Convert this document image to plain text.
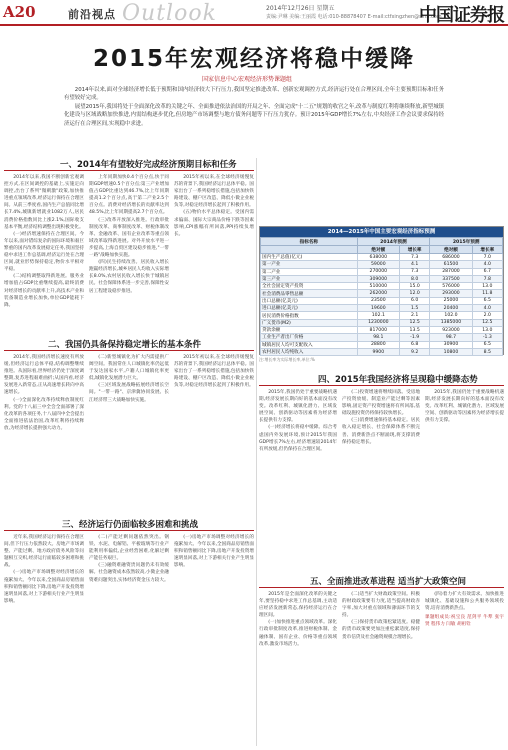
A20	前沿视点 Outlook	2014年12月26日 星期五
责编:尹琳 美编:王丽霞 电话:010-88878407 E-mail:ctfxingzhen@sina.com
中国证券报
2015年宏观经济将稳中缓降
国家信息中心宏观经济形势课题组

2014年以来,面对全球经济增长低于预期和国内经济较大下行压力,我国坚定推进改革、创新宏观调控方式,经济运行处在合理区间,全年主要预期目标和任务有望较好完成。

展望2015年,我国将处于全面深化改革的关键之年、全面推进依法治国的开局之年、全面完成"十二五"规划的收官之年,改革与制度红利将继续释放,新型城镇化建设与区域战略加快推进,内需结构逐步优化,但房地产市场调整与地方债务问题等下行压力犹存。预计2015年GDP增长7%左右,中央经济工作会议要求保持经济运行在合理区间,实现稳中求进。

一、2014年有望较好完成经济预期目标和任务

2014年以来,我国不断创新宏观调控方式,在区间调控的基础上,实施定向调控,出台了系列"微刺激"政策,加快推进重点领域改革,经济运行保持在合理区间。从前三季度看,国内生产总值同比增长7.4%,城镇新增就业1082万人,居民消费价格指数同比上涨2.1%,国际收支基本平衡,经济结构调整出现积极变化。

(一)经济增速保持在合理区间。今年以来,面对错综复杂的国际环境和艰巨繁重的国内改革发展稳定任务,我国坚持稳中求进工作总基调,经济运行处在合理区间,就业形势保持稳定,物价水平相对平稳。

(二)结构调整取得新进展。服务业增加值占GDP比重继续提高,最终消费对经济增长的贡献率上升,高技术产业和装备制造业增长加快,单位GDP能耗下降。

上年同期加快0.4个百分点,快于同期GDP增速0.5个百分点;第三产业增加值占GDP比重达到46.7%,比上年同期提高1.2个百分点,高于第二产业2.5个百分点。消费对经济增长的贡献率达到48.5%,比上年同期提高2.7个百分点。

(三)改革开放深入推进。行政审批制度改革、商事制度改革、财税体制改革、金融改革、国有企业改革等重点领域改革取得新进展。对外开放水平进一步提高,上海自贸区建设稳步推进,"一带一路"战略加快实施。

(四)民生持续改善。居民收入增长跑赢经济增长,城乡居民人均收入实际增长8.0%,农村居民收入增长快于城镇居民。社会保障体系进一步完善,保障性安居工程建设稳步推进。

2015年初以来,在全球经济缓慢复苏的背景下,我国经济运行总体平稳。国家出台了一系列稳增长措施,包括加快铁路建设、棚户区改造、降低小微企业税负等,对稳定经济增长起到了积极作用。

(五)物价水平总体稳定。受国内需求偏弱、国际大宗商品价格下跌等因素影响,CPI涨幅有所回落,PPI持续负增长。	2014—2015年中国主要宏观经济指标预测
指标名称	2014年预测		2015年预测	
	绝对额	增长率	绝对额	增长率
国内生产总值(亿元)	638000	7.3	686000	7.0
第一产业	59000	4.1	61500	4.0
第二产业	270000	7.3	287000	6.7
第三产业	309000	8.0	337500	7.8
全社会固定资产投资	510000	15.0	576000	13.0
社会消费品零售总额	262000	12.0	293000	11.8
出口总额(亿美元)	23500	6.0	25000	6.5
进口总额(亿美元)	19600	1.5	20400	4.0
居民消费价格指数	102.1	2.1	102.0	2.0
广义货币(M2)	1230000	12.5	1385000	12.5
贷款余额	817000	13.5	923000	13.0
工业生产者出厂价格	98.1	-1.9	98.7	-1.3
城镇居民人均可支配收入	28800	6.8	30900	6.5
农村居民人均纯收入	9900	9.2	10800	8.5
注:增长率为实际增长率,单位:%
二、我国仍具备保持稳定增长的基本条件

2014年,我国经济增长速度有所放缓,但经济运行总体平稳,结构调整继续推进。从国际看,世界经济仍处于深度调整期,复苏进程艰难曲折;从国内看,经济发展进入新常态,正从高速增长转向中高速增长。

(一)全面深化改革持续释放制度红利。党的十八届三中全会全面部署了深化改革的各项任务,十八届四中全会提出全面推进依法治国,改革红利将持续释放,为经济增长提供强大动力。

(二)新型城镇化为扩大内需提供广阔空间。我国常住人口城镇化率仍远低于发达国家水平,户籍人口城镇化率更低,城镇化发展潜力巨大。

(三)区域发展战略拓展经济增长空间。"一带一路"、京津冀协同发展、长江经济带三大战略加快实施。

2015年初以来,在全球经济缓慢复苏的背景下,我国经济运行总体平稳。国家出台了一系列稳增长措施,包括加快铁路建设、棚户区改造、降低小微企业税负等,对稳定经济增长起到了积极作用。

四、2015年我国经济将呈现稳中缓降态势

2015年,我国仍处于重要战略机遇期,经济发展长期向好的基本面没有改变。改革红利、城镇化潜力、区域发展空间、创新驱动等因素将为经济增长提供有力支撑。

(一)经济增长将稳中缓降。综合考虑国内外发展环境,预计2015年我国GDP增长7%左右,经济增速较2014年有所放缓,但仍保持在合理区间。

(二)投资增速将继续回落。受房地产投资放缓、制造业产能过剩等因素影响,固定资产投资增速将有所回落,基础设施投资仍将保持较快增长。

(三)消费增速保持基本稳定。居民收入稳定增长、社会保障体系不断完善、消费新热点不断涌现,将支撑消费保持稳定增长。

2015年,我国仍处于重要战略机遇期,经济发展长期向好的基本面没有改变。改革红利、城镇化潜力、区域发展空间、创新驱动等因素将为经济增长提供有力支撑。

三、经济运行仍面临较多困难和挑战

近年来,我国经济运行保持在合理区间,但下行压力依然较大。房地产市场调整、产能过剩、地方政府债务风险等问题相互交织,经济运行面临较多困难和挑战。

(一)房地产市场调整对经济增长的拖累加大。今年以来,全国商品房销售面积和销售额同比下降,房地产开发投资增速明显回落,对上下游相关行业产生明显影响。

(二)产能过剩问题依然突出。钢铁、水泥、电解铝、平板玻璃等行业产能利用率偏低,企业经营困难,化解过剩产能任务艰巨。

(三)融资难融资贵问题仍未有效缓解。社会融资成本依然较高,小微企业融资难问题突出,实体经济资金压力较大。

(一)房地产市场调整对经济增长的拖累加大。今年以来,全国商品房销售面积和销售额同比下降,房地产开发投资增速明显回落,对上下游相关行业产生明显影响。

五、全面推进改革进程 适当扩大政策空间

2015年是全面深化改革的关键之年,要坚持稳中求进工作总基调,主动适应经济发展新常态,保持经济运行在合理区间。

(一)加快推进重点领域改革。深化行政审批制度改革,推进财税体制、金融体制、国有企业、价格等重点领域改革,激发市场活力。

(二)适当扩大财政政策空间。积极的财政政策要有力度,适当提高财政赤字率,加大对重点领域和薄弱环节的支持。

(三)保持货币政策松紧适度。稳健的货币政策要更加注重松紧适度,保持货币信贷及社会融资规模合理增长。

(四)着力扩大有效需求。加快推进城镇化、基础设施和公共服务领域投资,培育消费新热点。

课题组成员:祝宝良 范剑平 牛犁 张宇贤 程伟力 闫敏 胡祖铨
